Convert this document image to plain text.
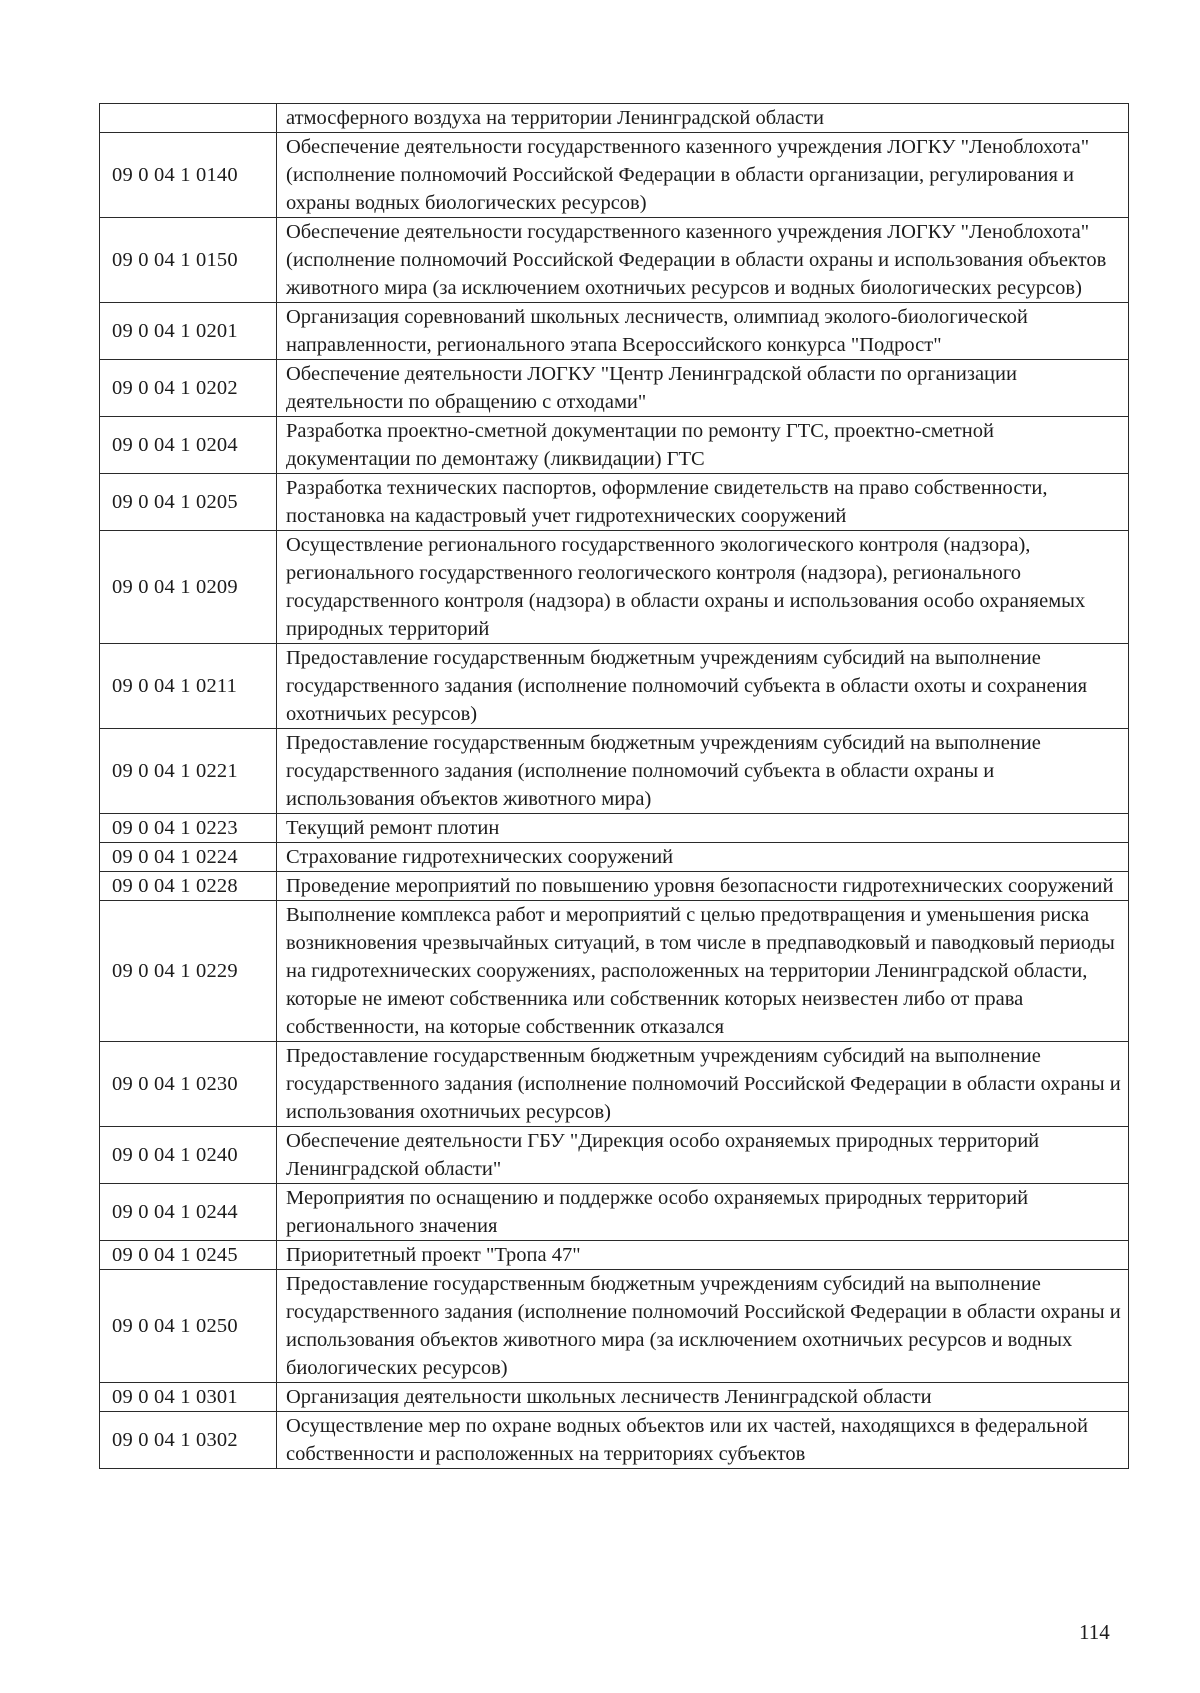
	атмосферного воздуха на территории Ленинградской области
09 0 04 1 0140	Обеспечение деятельности государственного казенного учреждения ЛОГКУ "Леноблохота" (исполнение полномочий Российской Федерации в области организации, регулирования и охраны водных биологических ресурсов)
09 0 04 1 0150	Обеспечение деятельности государственного казенного учреждения ЛОГКУ "Леноблохота" (исполнение полномочий Российской Федерации в области охраны и использования объектов животного мира (за исключением охотничьих ресурсов и водных биологических ресурсов)
09 0 04 1 0201	Организация соревнований школьных лесничеств, олимпиад эколого-биологической направленности, регионального этапа Всероссийского конкурса "Подрост"
09 0 04 1 0202	Обеспечение деятельности ЛОГКУ "Центр Ленинградской области по организации деятельности по обращению с отходами"
09 0 04 1 0204	Разработка проектно-сметной документации по ремонту ГТС, проектно-сметной документации по демонтажу (ликвидации) ГТС
09 0 04 1 0205	Разработка технических паспортов, оформление свидетельств на право собственности, постановка на кадастровый учет гидротехнических сооружений
09 0 04 1 0209	Осуществление регионального государственного экологического контроля (надзора), регионального государственного геологического контроля (надзора), регионального государственного контроля (надзора) в области охраны и использования особо охраняемых природных территорий
09 0 04 1 0211	Предоставление государственным бюджетным учреждениям субсидий на выполнение государственного задания (исполнение полномочий субъекта в области охоты и сохранения охотничьих ресурсов)
09 0 04 1 0221	Предоставление государственным бюджетным учреждениям субсидий на выполнение государственного задания (исполнение полномочий субъекта в области охраны и использования объектов животного мира)
09 0 04 1 0223	Текущий ремонт плотин
09 0 04 1 0224	Страхование гидротехнических сооружений
09 0 04 1 0228	Проведение мероприятий по повышению уровня безопасности гидротехнических сооружений
09 0 04 1 0229	Выполнение комплекса работ и мероприятий с целью предотвращения и уменьшения риска возникновения чрезвычайных ситуаций, в том числе в предпаводковый и паводковый периоды на гидротехнических сооружениях, расположенных на территории Ленинградской области, которые не имеют собственника или собственник которых неизвестен либо от права собственности, на которые собственник отказался
09 0 04 1 0230	Предоставление государственным бюджетным учреждениям субсидий на выполнение государственного задания (исполнение полномочий Российской Федерации в области охраны и использования охотничьих ресурсов)
09 0 04 1 0240	Обеспечение деятельности ГБУ "Дирекция особо охраняемых природных территорий Ленинградской области"
09 0 04 1 0244	Мероприятия по оснащению и поддержке особо охраняемых природных территорий регионального значения
09 0 04 1 0245	Приоритетный проект "Тропа 47"
09 0 04 1 0250	Предоставление государственным бюджетным учреждениям субсидий на выполнение государственного задания (исполнение полномочий Российской Федерации в области охраны и использования объектов животного мира (за исключением охотничьих ресурсов и водных биологических ресурсов)
09 0 04 1 0301	Организация деятельности школьных лесничеств Ленинградской области
09 0 04 1 0302	Осуществление мер по охране водных объектов или их частей, находящихся в федеральной собственности и расположенных на территориях субъектов
114
